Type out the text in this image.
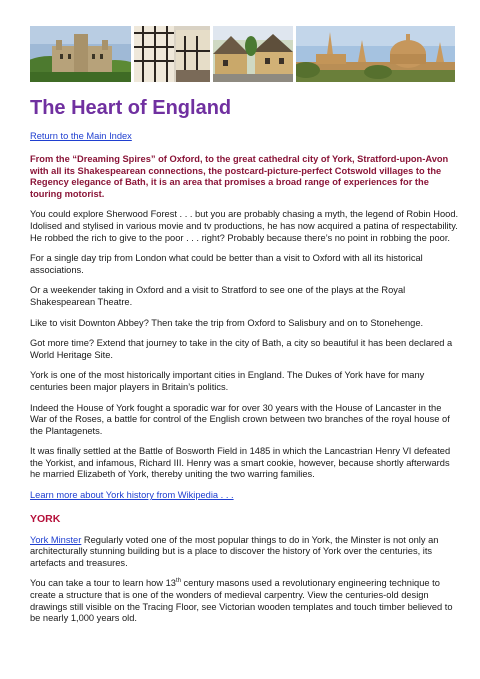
The Heart of England
Return to the Main Index

From the “Dreaming Spires” of Oxford, to the great cathedral city of York, Stratford-upon-Avon with all its Shakespearean connections, the postcard-picture-perfect Cotswold villages to the Regency elegance of Bath, it is an area that promises a broad range of experiences for the touring motorist.

You could explore Sherwood Forest . . . but you are probably chasing a myth, the legend of Robin Hood. Idolised and stylised in various movie and tv productions, he has now acquired a patina of respectability. He robbed the rich to give to the poor . . . right? Probably because there’s no point in robbing the poor.

For a single day trip from London what could be better than a visit to Oxford with all its historical associations.

Or a weekender taking in Oxford and a visit to Stratford to see one of the plays at the Royal Shakespearean Theatre.

Like to visit Downton Abbey? Then take the trip from Oxford to Salisbury and on to Stonehenge.

Got more time? Extend that journey to take in the city of Bath, a city so beautiful it has been declared a World Heritage Site.

York is one of the most historically important cities in England. The Dukes of York have for many centuries been major players in Britain’s politics.

Indeed the House of York fought a sporadic war for over 30 years with the House of Lancaster in the War of the Roses, a battle for control of the English crown between two branches of the royal house of the Plantagenets.

It was finally settled at the Battle of Bosworth Field in 1485 in which the Lancastrian Henry VI defeated the Yorkist, and infamous, Richard III. Henry was a smart cookie, however, because shortly afterwards he married Elizabeth of York, thereby uniting the two warring families.

Learn more about York history from Wikipedia . . .

YORK

York Minster Regularly voted one of the most popular things to do in York, the Minster is not only an architecturally stunning building but is a place to discover the history of York over the centuries, its artefacts and treasures.

You can take a tour to learn how 13th century masons used a revolutionary engineering technique to create a structure that is one of the wonders of medieval carpentry. View the centuries-old design drawings still visible on the Tracing Floor, see Victorian wooden templates and touch timber believed to be nearly 1,000 years old.
